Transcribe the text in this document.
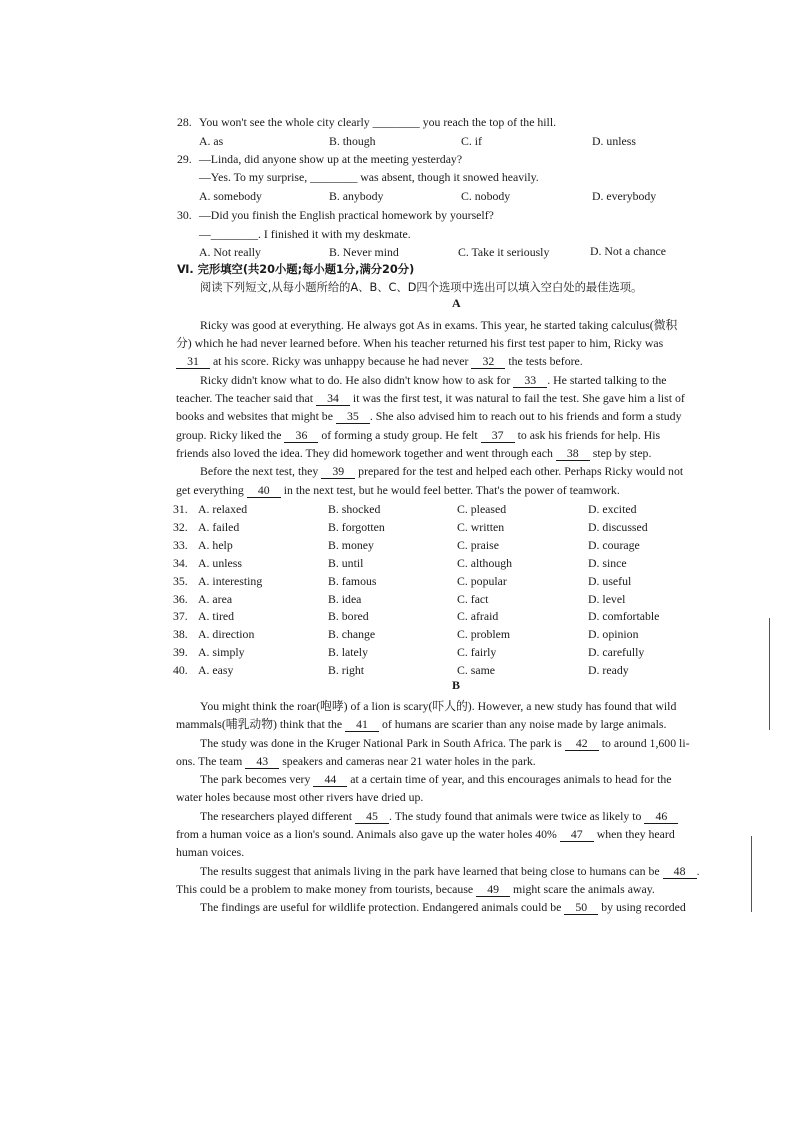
28. You won't see the whole city clearly ________ you reach the top of the hill.
A. as	B. though	C. if	D. unless
29. —Linda, did anyone show up at the meeting yesterday?
—Yes. To my surprise, ________ was absent, though it snowed heavily.
A. somebody	B. anybody	C. nobody	D. everybody
30. —Did you finish the English practical homework by yourself?
—________. I finished it with my deskmate.
A. Not really	B. Never mind	C. Take it seriously	D. Not a chance
Ⅵ. 完形填空(共20小题;每小题1分,满分20分)
阅读下列短文,从每小题所给的A、B、C、D四个选项中选出可以填入空白处的最佳选项。
A
Ricky was good at everything. He always got As in exams. This year, he started taking calculus(微积
分) which he had never learned before. When his teacher returned his first test paper to him, Ricky was
31 at his score. Ricky was unhappy because he had never 32 the tests before.
Ricky didn't know what to do. He also didn't know how to ask for 33 . He started talking to the
teacher. The teacher said that 34 it was the first test, it was natural to fail the test. She gave him a list of
books and websites that might be 35 . She also advised him to reach out to his friends and form a study
group. Ricky liked the 36 of forming a study group. He felt 37 to ask his friends for help. His
friends also loved the idea. They did homework together and went through each 38 step by step.
Before the next test, they 39 prepared for the test and helped each other. Perhaps Ricky would not
get everything 40 in the next test, but he would feel better. That's the power of teamwork.
31. A. relaxed	B. shocked	C. pleased	D. excited
32. A. failed	B. forgotten	C. written	D. discussed
33. A. help	B. money	C. praise	D. courage
34. A. unless	B. until	C. although	D. since
35. A. interesting	B. famous	C. popular	D. useful
36. A. area	B. idea	C. fact	D. level
37. A. tired	B. bored	C. afraid	D. comfortable
38. A. direction	B. change	C. problem	D. opinion
39. A. simply	B. lately	C. fairly	D. carefully
40. A. easy	B. right	C. same	D. ready
B
You might think the roar(咆哮) of a lion is scary(吓人的). However, a new study has found that wild
mammals(哺乳动物) think that the 41 of humans are scarier than any noise made by large animals.
The study was done in the Kruger National Park in South Africa. The park is 42 to around 1,600 li-
ons. The team 43 speakers and cameras near 21 water holes in the park.
The park becomes very 44 at a certain time of year, and this encourages animals to head for the
water holes because most other rivers have dried up.
The researchers played different 45 . The study found that animals were twice as likely to 46
from a human voice as a lion's sound. Animals also gave up the water holes 40% 47 when they heard
human voices.
The results suggest that animals living in the park have learned that being close to humans can be 48 .
This could be a problem to make money from tourists, because 49 might scare the animals away.
The findings are useful for wildlife protection. Endangered animals could be 50 by using recorded
